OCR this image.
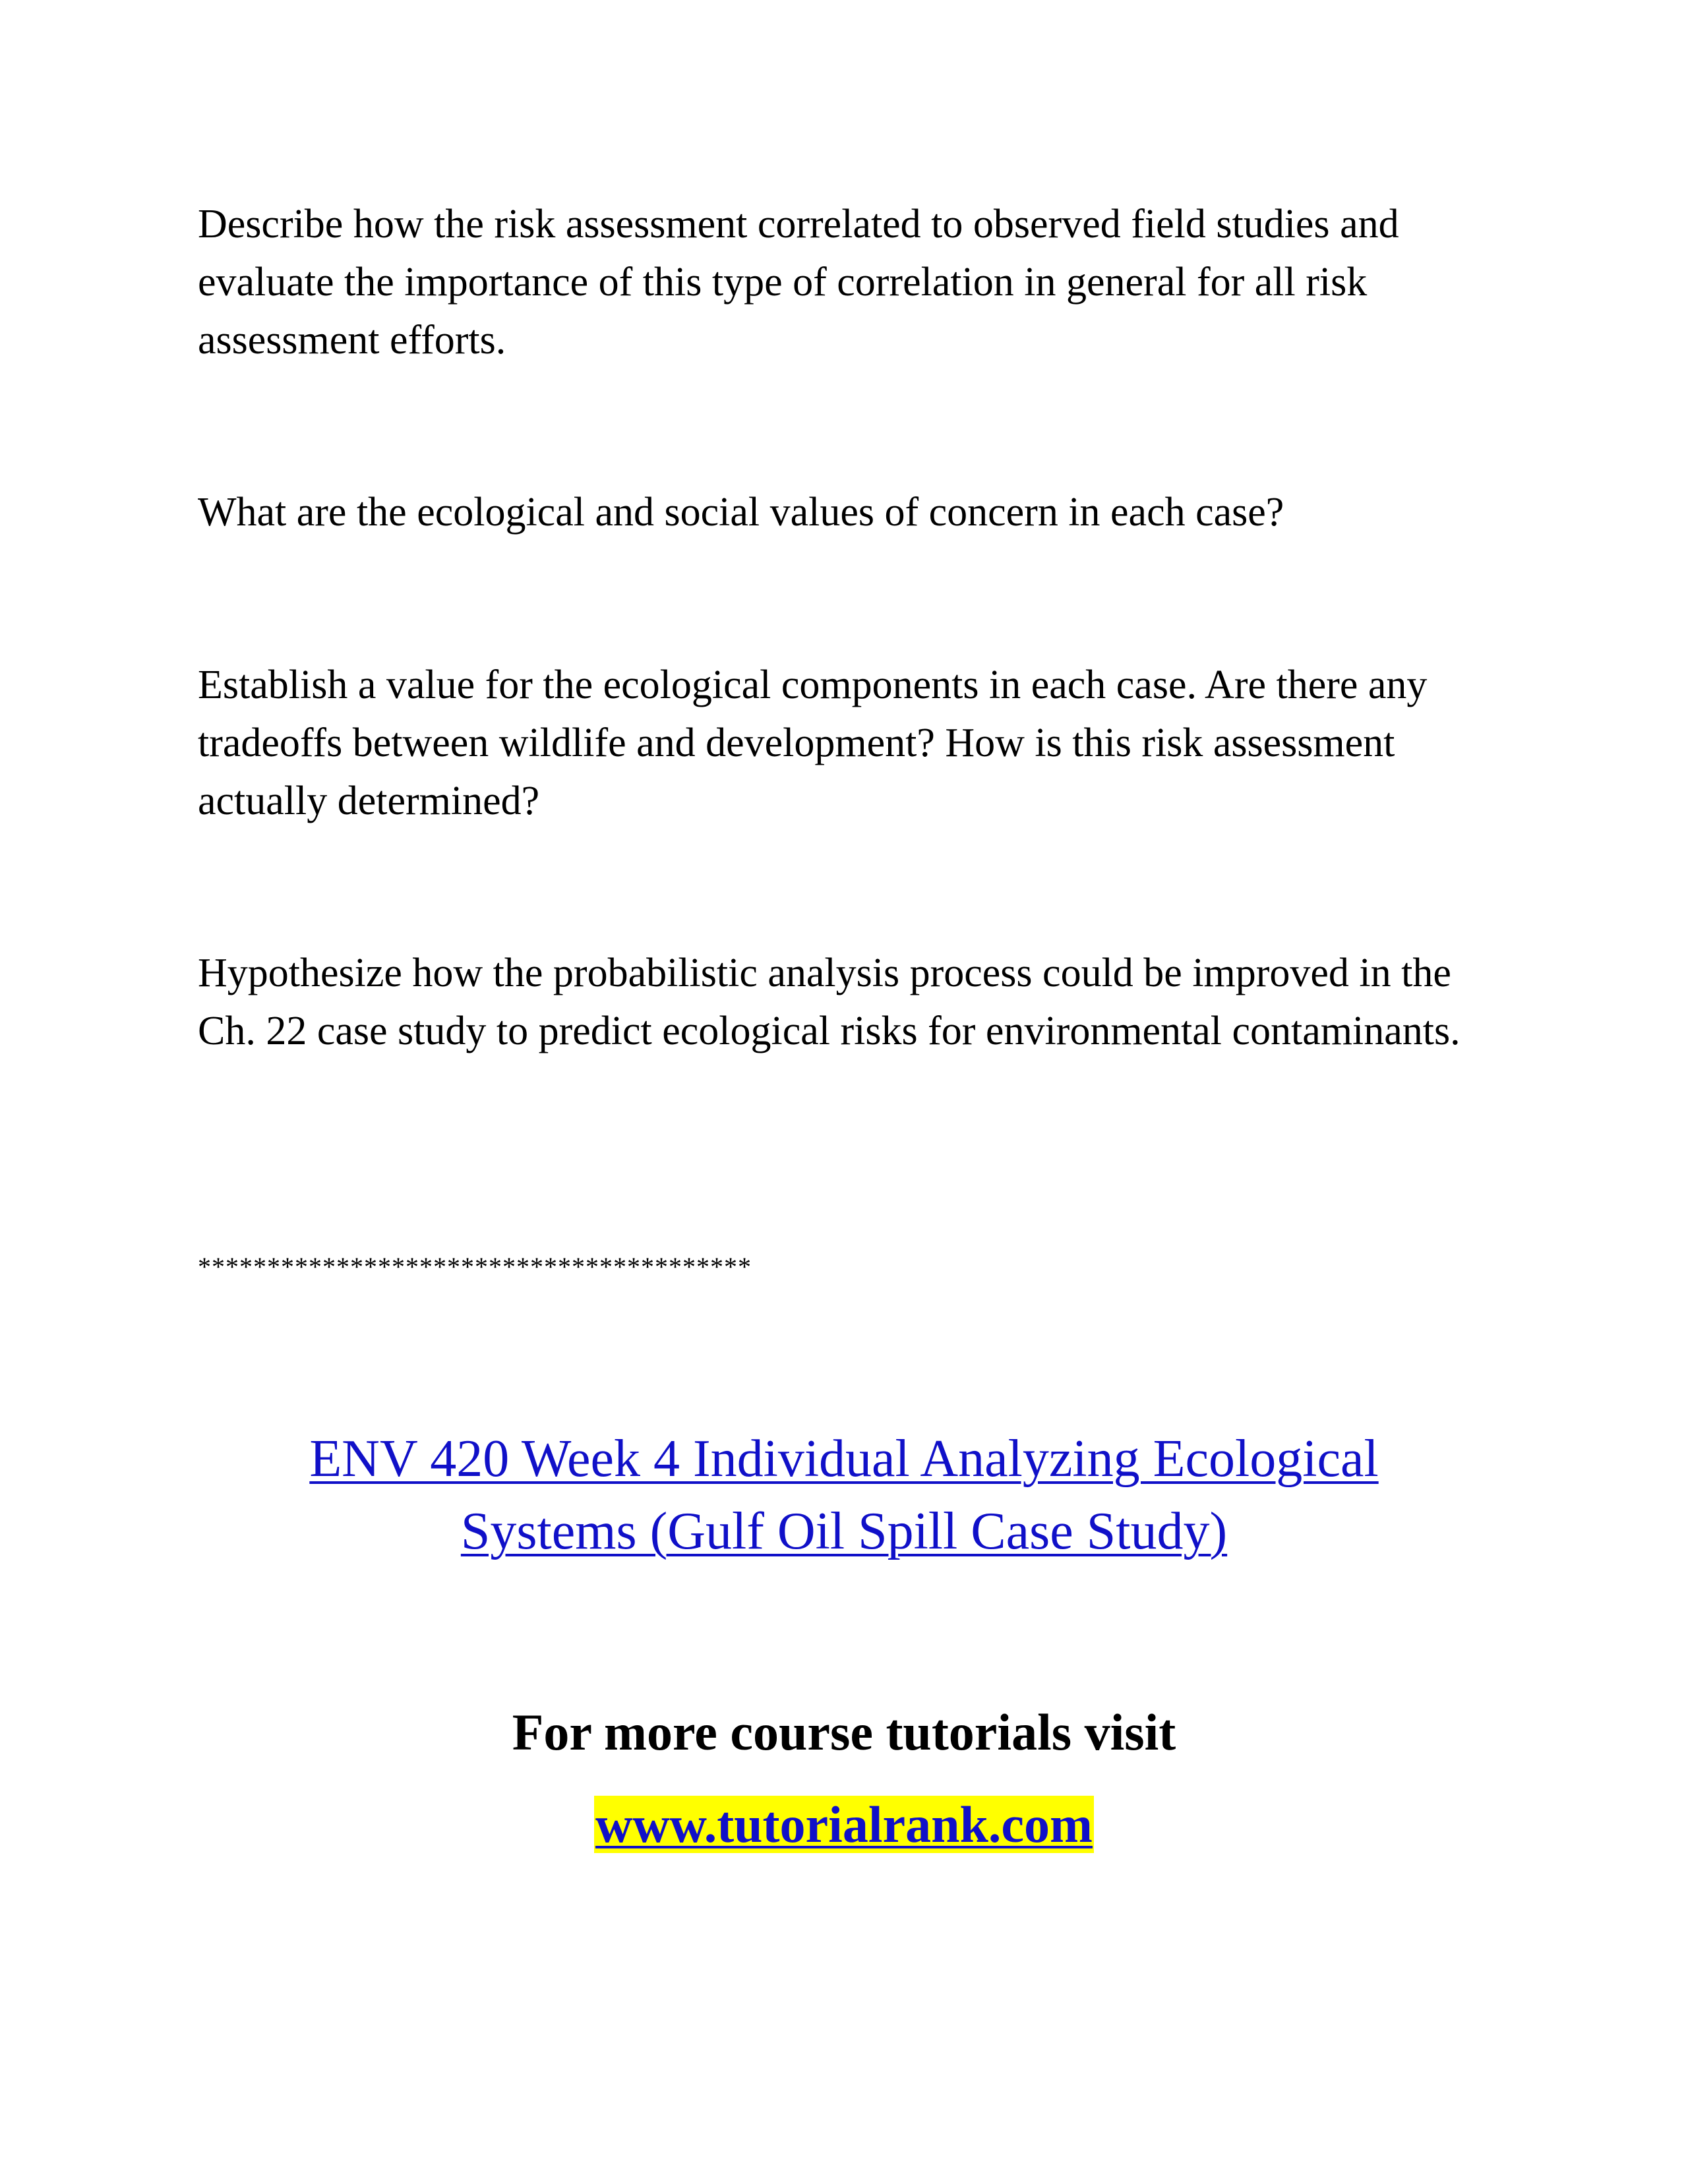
Describe how the risk assessment correlated to observed field studies and evaluate the importance of this type of correlation in general for all risk assessment efforts.

What are the ecological and social values of concern in each case?

Establish a value for the ecological components in each case. Are there any tradeoffs between wildlife and development? How is this risk assessment actually determined?

Hypothesize how the probabilistic analysis process could be improved in the Ch. 22 case study to predict ecological risks for environmental contaminants.

****************************************

ENV 420 Week 4 Individual Analyzing Ecological
Systems (Gulf Oil Spill Case Study)

For more course tutorials visit

www.tutorialrank.com
